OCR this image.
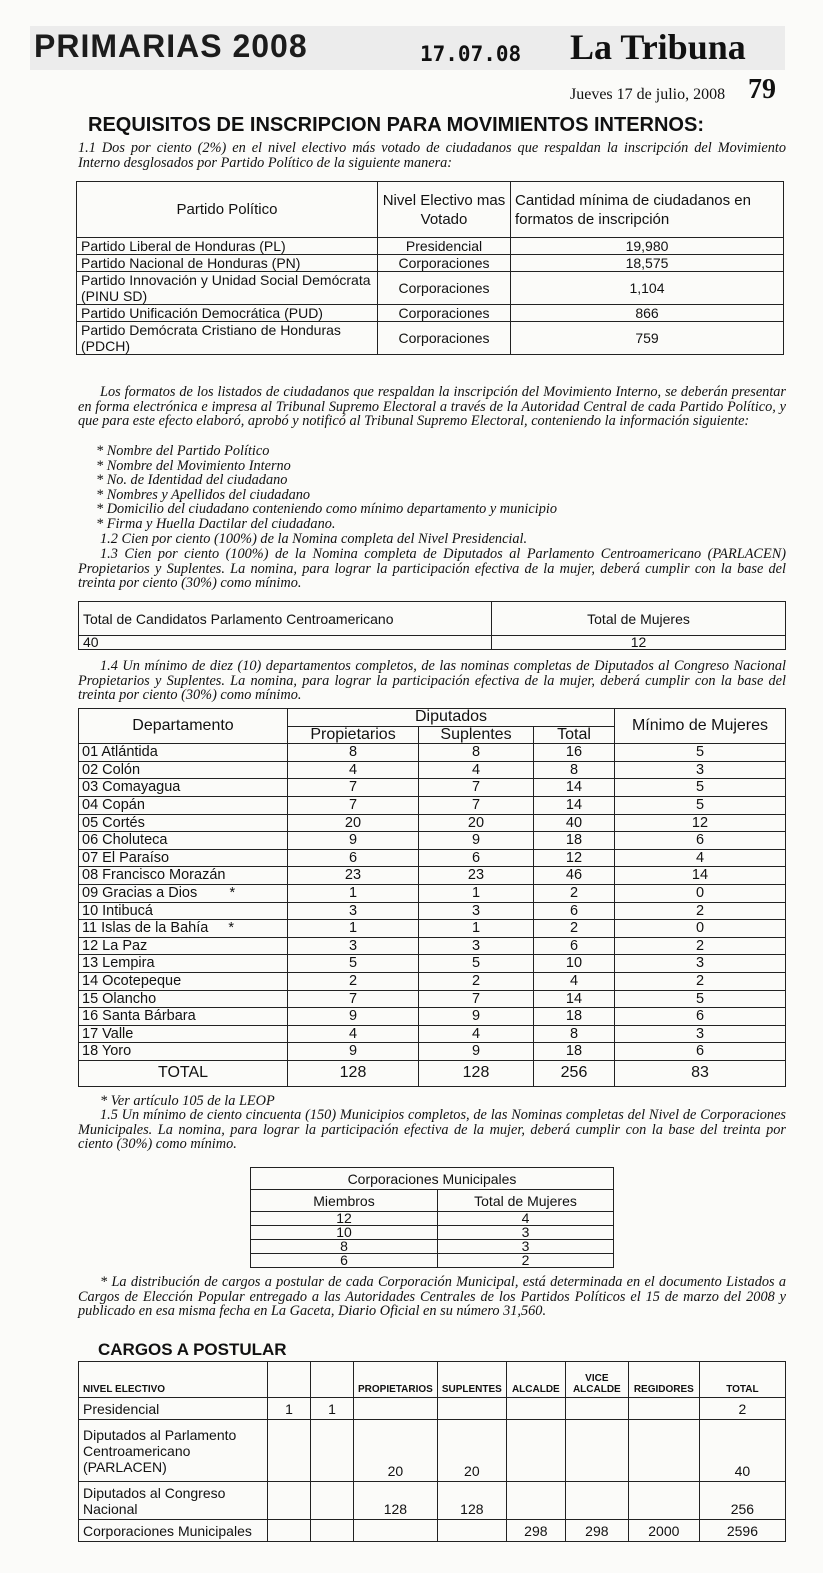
PRIMARIAS 2008	17.07.08 La Tribuna
Jueves 17 de julio, 2008 79
REQUISITOS DE INSCRIPCION PARA MOVIMIENTOS INTERNOS:
1.1 Dos por ciento (2%) en el nivel electivo más votado de ciudadanos que respaldan la inscripción del Movimiento Interno desglosados por Partido Político de la siguiente manera:
Partido Político	Nivel Electivo mas Votado	Cantidad mínima de ciudadanos en formatos de inscripción
Partido Liberal de Honduras (PL)	Presidencial	19,980
Partido Nacional de Honduras (PN)	Corporaciones	18,575
Partido Innovación y Unidad Social Demócrata (PINU SD)	Corporaciones	1,104
Partido Unificación Democrática (PUD)	Corporaciones	866
Partido Demócrata Cristiano de Honduras (PDCH)	Corporaciones	759
Los formatos de los listados de ciudadanos que respaldan la inscripción del Movimiento Interno, se deberán presentar en forma electrónica e impresa al Tribunal Supremo Electoral a través de la Autoridad Central de cada Partido Político, y que para este efecto elaboró, aprobó y notificó al Tribunal Supremo Electoral, conteniendo la información siguiente:
* Nombre del Partido Político
* Nombre del Movimiento Interno
* No. de Identidad del ciudadano
* Nombres y Apellidos del ciudadano
* Domicilio del ciudadano conteniendo como mínimo departamento y municipio
* Firma y Huella Dactilar del ciudadano.
1.2 Cien por ciento (100%) de la Nomina completa del Nivel Presidencial.
1.3 Cien por ciento (100%) de la Nomina completa de Diputados al Parlamento Centroamericano (PARLACEN) Propietarios y Suplentes. La nomina, para lograr la participación efectiva de la mujer, deberá cumplir con la base del treinta por ciento (30%) como mínimo.
Total de Candidatos Parlamento Centroamericano	Total de Mujeres
40	12
1.4 Un mínimo de diez (10) departamentos completos, de las nominas completas de Diputados al Congreso Nacional Propietarios y Suplentes. La nomina, para lograr la participación efectiva de la mujer, deberá cumplir con la base del treinta por ciento (30%) como mínimo.
Departamento	Diputados			Mínimo de Mujeres
	Propietarios	Suplentes	Total	
01 Atlántida	8	8	16	5
02 Colón	4	4	8	3
03 Comayagua	7	7	14	5
04 Copán	7	7	14	5
05 Cortés	20	20	40	12
06 Choluteca	9	9	18	6
07 El Paraíso	6	6	12	4
08 Francisco Morazán	23	23	46	14
09 Gracias a Dios        *	1	1	2	0
10 Intibucá	3	3	6	2
11 Islas de la Bahía     *	1	1	2	0
12 La Paz	3	3	6	2
13 Lempira	5	5	10	3
14 Ocotepeque	2	2	4	2
15 Olancho	7	7	14	5
16 Santa Bárbara	9	9	18	6
17 Valle	4	4	8	3
18 Yoro	9	9	18	6
TOTAL	128	128	256	83
* Ver artículo 105 de la LEOP
1.5 Un mínimo de ciento cincuenta (150) Municipios completos, de las Nominas completas del Nivel de Corporaciones Municipales. La nomina, para lograr la participación efectiva de la mujer, deberá cumplir con la base del treinta por ciento (30%) como mínimo.
Corporaciones Municipales	
Miembros	Total de Mujeres
12	4
10	3
8	3
6	2
* La distribución de cargos a postular de cada Corporación Municipal, está determinada en el documento Listados a Cargos de Elección Popular entregado a las Autoridades Centrales de los Partidos Políticos el 15 de marzo del 2008 y publicado en esa misma fecha en La Gaceta, Diario Oficial en su número 31,560.
CARGOS A POSTULAR
NIVEL ELECTIVO			PROPIETARIOS	SUPLENTES	ALCALDE	VICE ALCALDE	REGIDORES	TOTAL
Presidencial	1	1						2
Diputados al Parlamento Centroamericano (PARLACEN)			20	20				40
Diputados al Congreso Nacional			128	128				256
Corporaciones Municipales					298	298	2000	2596
